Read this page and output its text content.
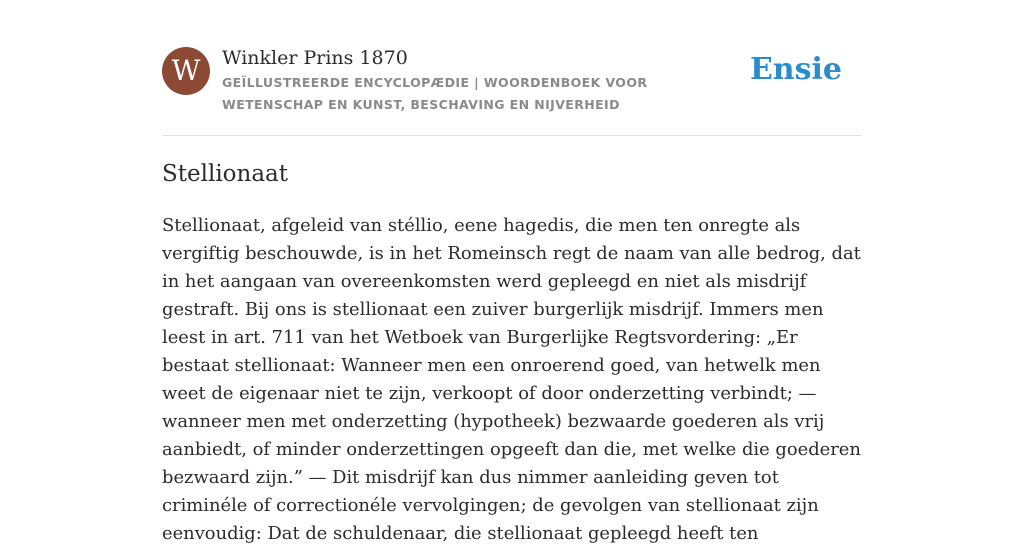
W	Winkler Prins 1870
GEÏLLUSTREERDE ENCYCLOPÆDIE | WOORDENBOEK VOOR WETENSCHAP EN KUNST, BESCHAVING EN NIJVERHEID
Ensie
Stellionaat

Stellionaat, afgeleid van stéllio, eene hagedis, die men ten onregte als vergiftig beschouwde, is in het Romeinsch regt de naam van alle bedrog, dat in het aangaan van overeenkomsten werd gepleegd en niet als misdrijf gestraft. Bij ons is stellionaat een zuiver burgerlijk misdrijf. Immers men leest in art. 711 van het Wetboek van Burgerlijke Regtsvordering: „Er bestaat stellionaat: Wanneer men een onroerend goed, van hetwelk men weet de eigenaar niet te zijn, verkoopt of door onderzetting verbindt; — wanneer men met onderzetting (hypotheek) bezwaarde goederen als vrij aanbiedt, of minder onderzettingen opgeeft dan die, met welke die goederen bezwaard zijn.” — Dit misdrijf kan dus nimmer aanleiding geven tot criminéle of correctionéle vervolgingen; de gevolgen van stellionaat zijn eenvoudig: Dat de schuldenaar, die stellionaat gepleegd heeft ten
